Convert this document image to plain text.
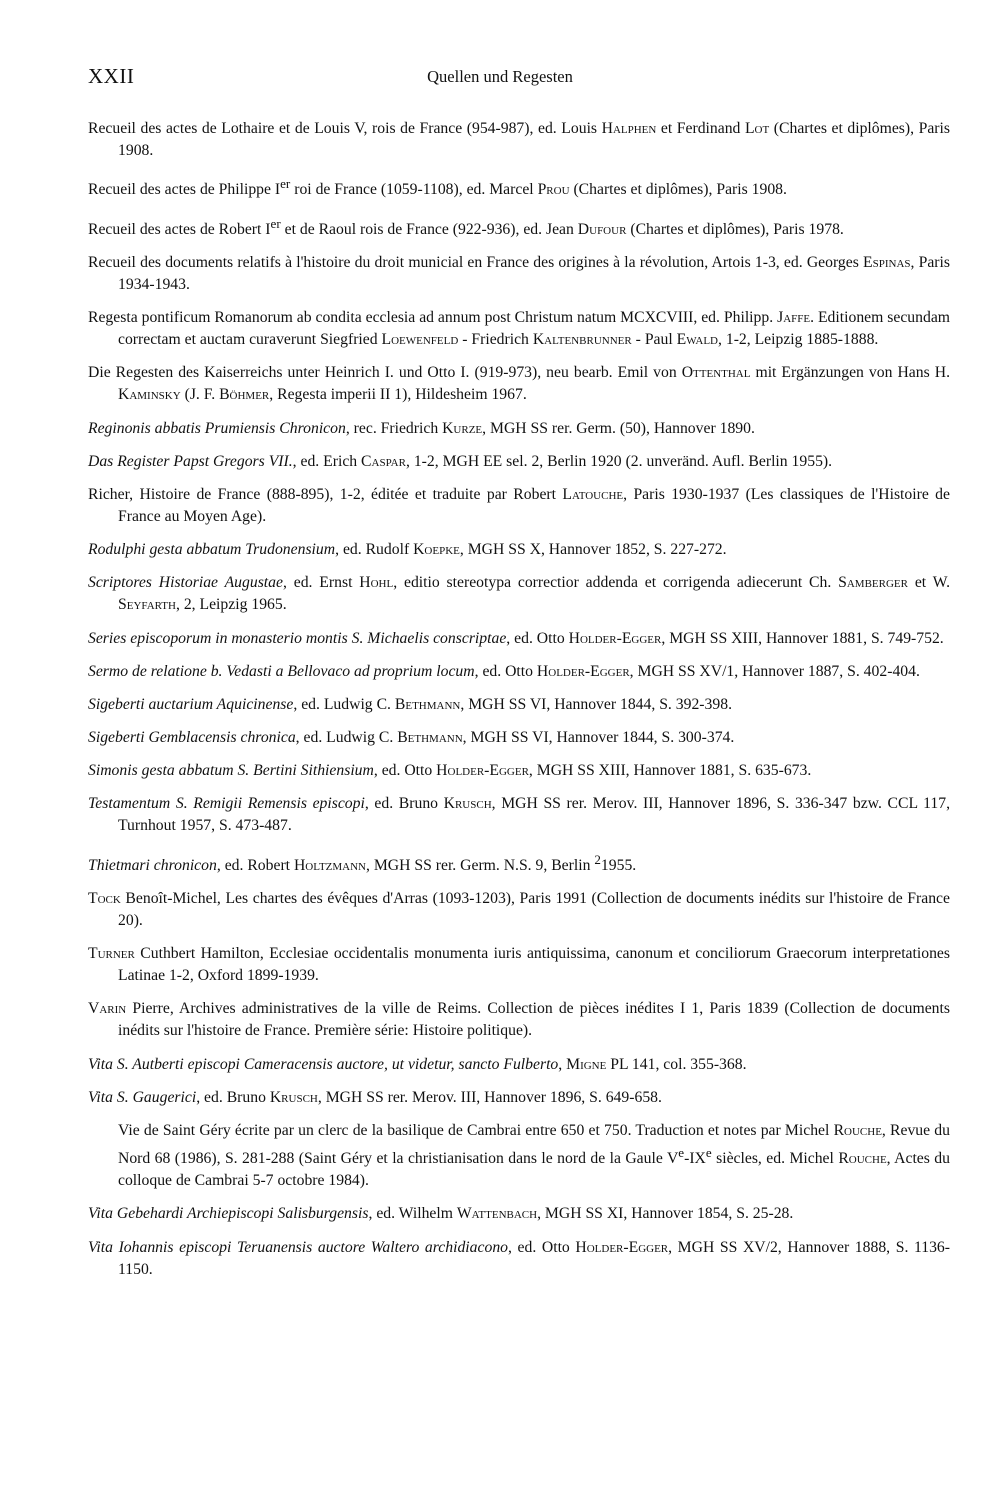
XXII	Quellen und Regesten

Recueil des actes de Lothaire et de Louis V, rois de France (954-987), ed. Louis Halphen et Ferdinand Lot (Chartes et diplômes), Paris 1908.

Recueil des actes de Philippe Ier roi de France (1059-1108), ed. Marcel Prou (Chartes et diplômes), Paris 1908.

Recueil des actes de Robert Ier et de Raoul rois de France (922-936), ed. Jean Dufour (Chartes et diplômes), Paris 1978.

Recueil des documents relatifs à l'histoire du droit municial en France des origines à la révolution, Artois 1-3, ed. Georges Espinas, Paris 1934-1943.

Regesta pontificum Romanorum ab condita ecclesia ad annum post Christum natum MCXCVIII, ed. Philipp. Jaffe. Editionem secundam correctam et auctam curaverunt Siegfried Loewenfeld - Friedrich Kaltenbrunner - Paul Ewald, 1-2, Leipzig 1885-1888.

Die Regesten des Kaiserreichs unter Heinrich I. und Otto I. (919-973), neu bearb. Emil von Ottenthal mit Ergänzungen von Hans H. Kaminsky (J. F. Böhmer, Regesta imperii II 1), Hildesheim 1967.

Reginonis abbatis Prumiensis Chronicon, rec. Friedrich Kurze, MGH SS rer. Germ. (50), Hannover 1890.

Das Register Papst Gregors VII., ed. Erich Caspar, 1-2, MGH EE sel. 2, Berlin 1920 (2. unveränd. Aufl. Berlin 1955).

Richer, Histoire de France (888-895), 1-2, éditée et traduite par Robert Latouche, Paris 1930-1937 (Les classiques de l'Histoire de France au Moyen Age).

Rodulphi gesta abbatum Trudonensium, ed. Rudolf Koepke, MGH SS X, Hannover 1852, S. 227-272.

Scriptores Historiae Augustae, ed. Ernst Hohl, editio stereotypa correctior addenda et corrigenda adiecerunt Ch. Samberger et W. Seyfarth, 2, Leipzig 1965.

Series episcoporum in monasterio montis S. Michaelis conscriptae, ed. Otto Holder-Egger, MGH SS XIII, Hannover 1881, S. 749-752.

Sermo de relatione b. Vedasti a Bellovaco ad proprium locum, ed. Otto Holder-Egger, MGH SS XV/1, Hannover 1887, S. 402-404.

Sigeberti auctarium Aquicinense, ed. Ludwig C. Bethmann, MGH SS VI, Hannover 1844, S. 392-398.

Sigeberti Gemblacensis chronica, ed. Ludwig C. Bethmann, MGH SS VI, Hannover 1844, S. 300-374.

Simonis gesta abbatum S. Bertini Sithiensium, ed. Otto Holder-Egger, MGH SS XIII, Hannover 1881, S. 635-673.

Testamentum S. Remigii Remensis episcopi, ed. Bruno Krusch, MGH SS rer. Merov. III, Hannover 1896, S. 336-347 bzw. CCL 117, Turnhout 1957, S. 473-487.

Thietmari chronicon, ed. Robert Holtzmann, MGH SS rer. Germ. N.S. 9, Berlin $^2$1955.

Tock Benoît-Michel, Les chartes des évêques d'Arras (1093-1203), Paris 1991 (Collection de documents inédits sur l'histoire de France 20).

Turner Cuthbert Hamilton, Ecclesiae occidentalis monumenta iuris antiquissima, canonum et conciliorum Graecorum interpretationes Latinae 1-2, Oxford 1899-1939.

Varin Pierre, Archives administratives de la ville de Reims. Collection de pièces inédites I 1, Paris 1839 (Collection de documents inédits sur l'histoire de France. Première série: Histoire politique).

Vita S. Autberti episcopi Cameracensis auctore, ut videtur, sancto Fulberto, Migne PL 141, col. 355-368.

Vita S. Gaugerici, ed. Bruno Krusch, MGH SS rer. Merov. III, Hannover 1896, S. 649-658.

Vie de Saint Géry écrite par un clerc de la basilique de Cambrai entre 650 et 750. Traduction et notes par Michel Rouche, Revue du Nord 68 (1986), S. 281-288 (Saint Géry et la christianisation dans le nord de la Gaule Ve-IXe siècles, ed. Michel Rouche, Actes du colloque de Cambrai 5-7 octobre 1984).

Vita Gebehardi Archiepiscopi Salisburgensis, ed. Wilhelm Wattenbach, MGH SS XI, Hannover 1854, S. 25-28.

Vita Iohannis episcopi Teruanensis auctore Waltero archidiacono, ed. Otto Holder-Egger, MGH SS XV/2, Hannover 1888, S. 1136-1150.
